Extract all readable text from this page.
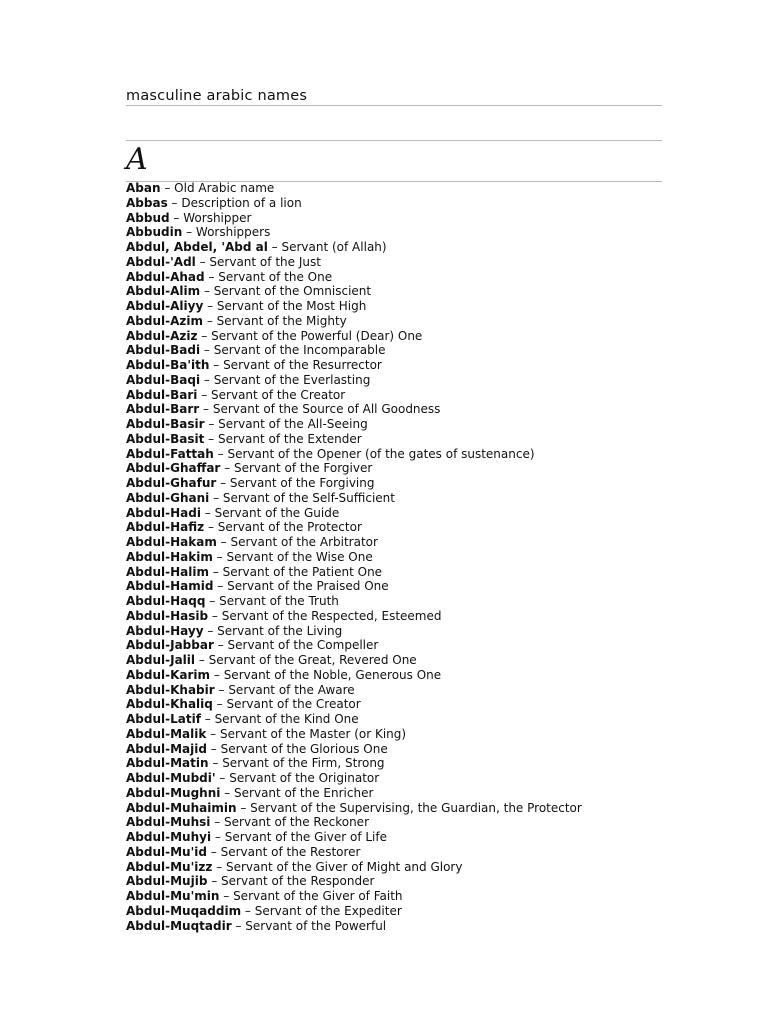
masculine arabic names
A
Aban – Old Arabic name
Abbas – Description of a lion
Abbud – Worshipper
Abbudin – Worshippers
Abdul, Abdel, 'Abd al – Servant (of Allah)
Abdul-'Adl – Servant of the Just
Abdul-Ahad – Servant of the One
Abdul-Alim – Servant of the Omniscient
Abdul-Aliyy – Servant of the Most High
Abdul-Azim – Servant of the Mighty
Abdul-Aziz – Servant of the Powerful (Dear) One
Abdul-Badi – Servant of the Incomparable
Abdul-Ba'ith – Servant of the Resurrector
Abdul-Baqi – Servant of the Everlasting
Abdul-Bari – Servant of the Creator
Abdul-Barr – Servant of the Source of All Goodness
Abdul-Basir – Servant of the All-Seeing
Abdul-Basit – Servant of the Extender
Abdul-Fattah – Servant of the Opener (of the gates of sustenance)
Abdul-Ghaffar – Servant of the Forgiver
Abdul-Ghafur – Servant of the Forgiving
Abdul-Ghani – Servant of the Self-Sufficient
Abdul-Hadi – Servant of the Guide
Abdul-Hafiz – Servant of the Protector
Abdul-Hakam – Servant of the Arbitrator
Abdul-Hakim – Servant of the Wise One
Abdul-Halim – Servant of the Patient One
Abdul-Hamid – Servant of the Praised One
Abdul-Haqq – Servant of the Truth
Abdul-Hasib – Servant of the Respected, Esteemed
Abdul-Hayy – Servant of the Living
Abdul-Jabbar – Servant of the Compeller
Abdul-Jalil – Servant of the Great, Revered One
Abdul-Karim – Servant of the Noble, Generous One
Abdul-Khabir – Servant of the Aware
Abdul-Khaliq – Servant of the Creator
Abdul-Latif – Servant of the Kind One
Abdul-Malik – Servant of the Master (or King)
Abdul-Majid – Servant of the Glorious One
Abdul-Matin – Servant of the Firm, Strong
Abdul-Mubdi' – Servant of the Originator
Abdul-Mughni – Servant of the Enricher
Abdul-Muhaimin – Servant of the Supervising, the Guardian, the Protector
Abdul-Muhsi – Servant of the Reckoner
Abdul-Muhyi – Servant of the Giver of Life
Abdul-Mu'id – Servant of the Restorer
Abdul-Mu'izz – Servant of the Giver of Might and Glory
Abdul-Mujib – Servant of the Responder
Abdul-Mu'min – Servant of the Giver of Faith
Abdul-Muqaddim – Servant of the Expediter
Abdul-Muqtadir – Servant of the Powerful
